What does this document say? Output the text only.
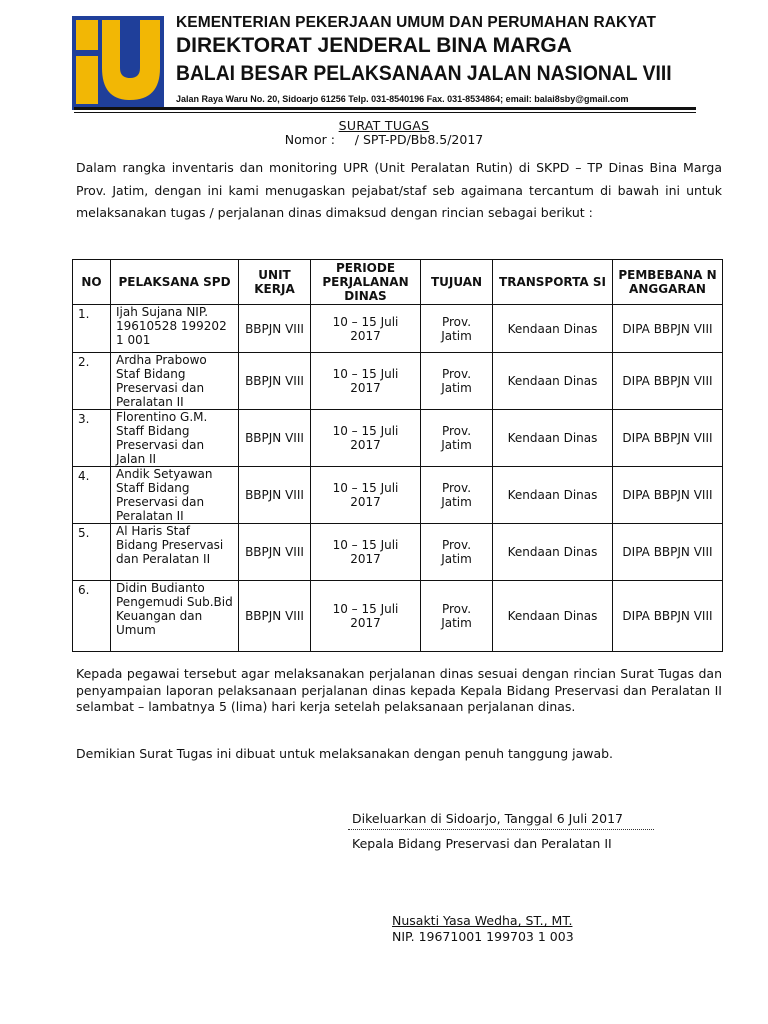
KEMENTERIAN PEKERJAAN UMUM DAN PERUMAHAN RAKYAT
DIREKTORAT JENDERAL BINA MARGA
BALAI BESAR PELAKSANAAN JALAN NASIONAL VIII
Jalan Raya Waru No. 20, Sidoarjo 61256 Telp. 031-8540196 Fax. 031-8534864; email: balai8sby@gmail.com
SURAT TUGAS
Nomor :     / SPT-PD/Bb8.5/2017
Dalam rangka inventaris dan monitoring UPR (Unit Peralatan Rutin) di SKPD – TP Dinas Bina Marga Prov. Jatim, dengan ini kami menugaskan pejabat/staf seb agaimana tercantum di bawah ini untuk melaksanakan tugas / perjalanan dinas dimaksud dengan rincian sebagai berikut :
NO	PELAKSANA SPD	UNIT KERJA	PERIODE PERJALANAN DINAS	TUJUAN	TRANSPORTA SI	PEMBEBANA N ANGGARAN
1.	Ijah Sujana NIP. 19610528 199202 1 001	BBPJN VIII	10 – 15 Juli 2017	Prov. Jatim	Kendaan Dinas	DIPA BBPJN VIII
2.	Ardha Prabowo Staf Bidang Preservasi dan Peralatan II	BBPJN VIII	10 – 15 Juli 2017	Prov. Jatim	Kendaan Dinas	DIPA BBPJN VIII
3.	Florentino G.M. Staff Bidang Preservasi dan Jalan II	BBPJN VIII	10 – 15 Juli 2017	Prov. Jatim	Kendaan Dinas	DIPA BBPJN VIII
4.	Andik Setyawan Staff Bidang Preservasi dan Peralatan II	BBPJN VIII	10 – 15 Juli 2017	Prov. Jatim	Kendaan Dinas	DIPA BBPJN VIII
5.	Al Haris Staf Bidang Preservasi dan Peralatan II	BBPJN VIII	10 – 15 Juli 2017	Prov. Jatim	Kendaan Dinas	DIPA BBPJN VIII
6.	Didin Budianto Pengemudi Sub.Bid Keuangan dan Umum	BBPJN VIII	10 – 15 Juli 2017	Prov. Jatim	Kendaan Dinas	DIPA BBPJN VIII
Kepada pegawai tersebut agar melaksanakan perjalanan dinas sesuai dengan rincian Surat Tugas dan penyampaian laporan pelaksanaan perjalanan dinas kepada Kepala Bidang Preservasi dan Peralatan II selambat – lambatnya 5 (lima) hari kerja setelah pelaksanaan perjalanan dinas.
Demikian Surat Tugas ini dibuat untuk melaksanakan dengan penuh tanggung jawab.
Dikeluarkan di Sidoarjo, Tanggal 6 Juli 2017
Kepala Bidang Preservasi dan Peralatan II
Nusakti Yasa Wedha, ST., MT.
NIP. 19671001 199703 1 003
